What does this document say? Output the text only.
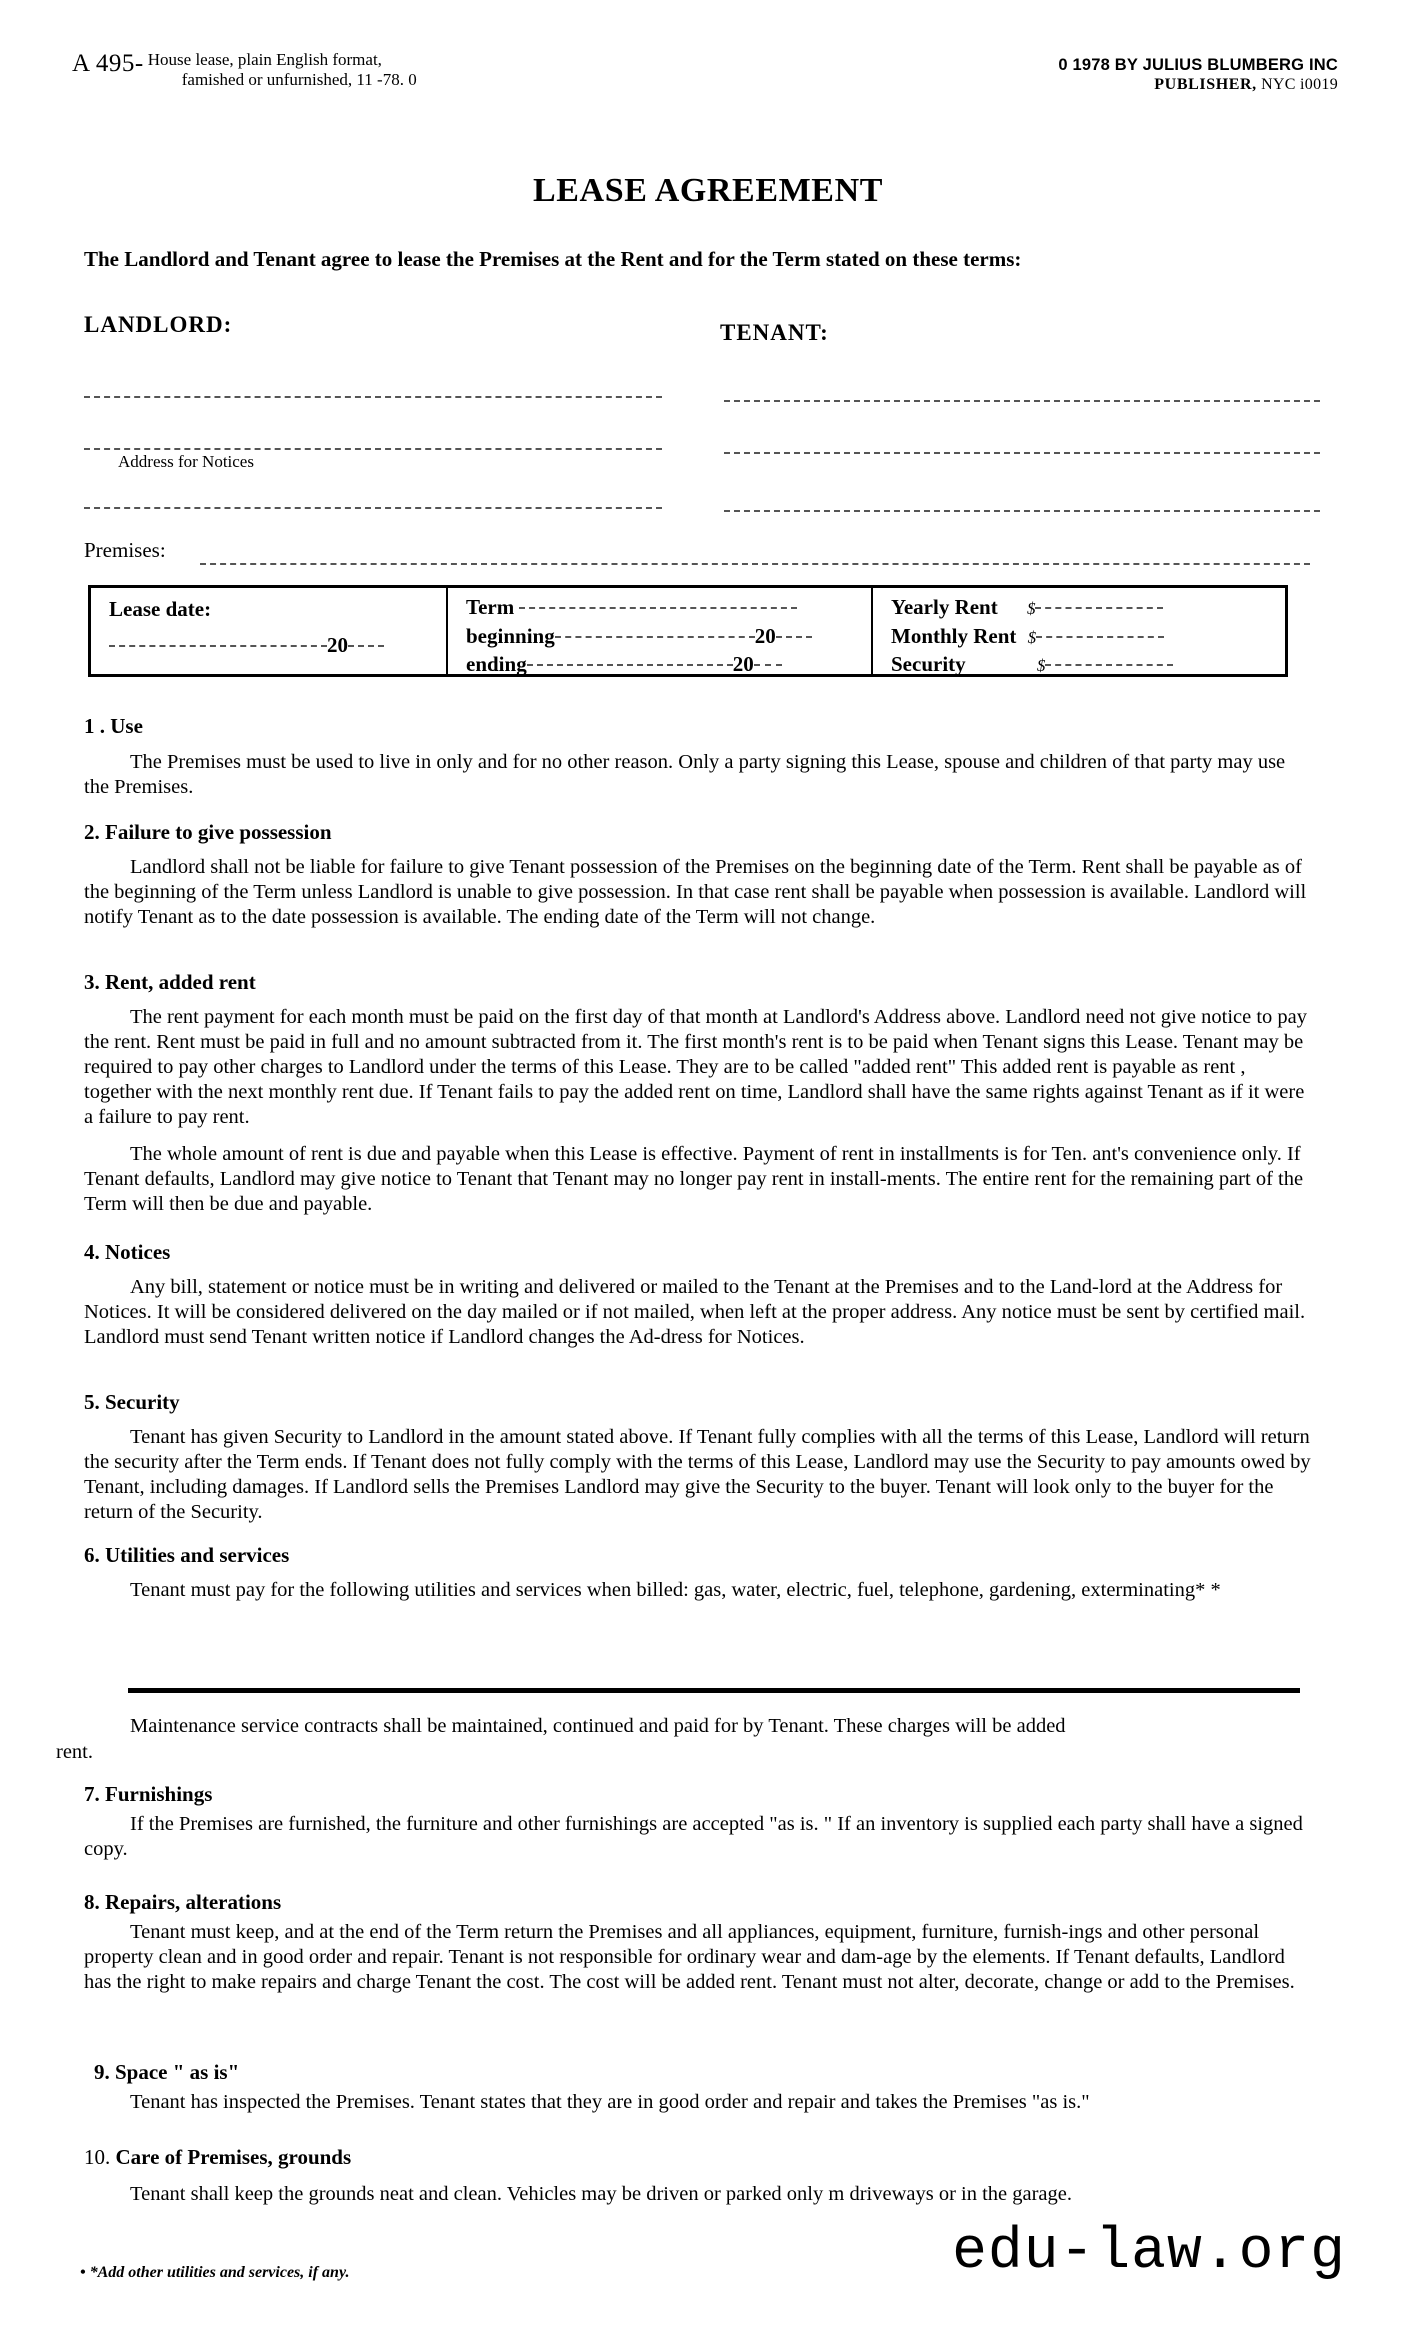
A 495- House lease, plain English format,
famished or unfurnished, 11 -78. 0
0 1978 BY JULIUS BLUMBERG INC
PUBLISHER, NYC i0019
LEASE AGREEMENT
The Landlord and Tenant agree to lease the Premises at the Rent and for the Term stated on these terms:
LANDLORD:	TENANT:
Address for Notices
Premises:
Lease date:
20
Term
beginning	20
ending	20
Yearly Rent $
Monthly Rent $
Security	$
1 . Use
The Premises must be used to live in only and for no other reason. Only a party signing this Lease, spouse and children of that party may use the Premises.
2. Failure to give possession
Landlord shall not be liable for failure to give Tenant possession of the Premises on the beginning date of the Term. Rent shall be payable as of the beginning of the Term unless Landlord is unable to give possession. In that case rent shall be payable when possession is available. Landlord will notify Tenant as to the date possession is available. The ending date of the Term will not change.
3. Rent, added rent
The rent payment for each month must be paid on the first day of that month at Landlord's Address above. Landlord need not give notice to pay the rent. Rent must be paid in full and no amount subtracted from it. The first month's rent is to be paid when Tenant signs this Lease. Tenant may be required to pay other charges to Landlord under the terms of this Lease. They are to be called "added rent" This added rent is payable as rent , together with the next monthly rent due. If Tenant fails to pay the added rent on time, Landlord shall have the same rights against Tenant as if it were a failure to pay rent.
The whole amount of rent is due and payable when this Lease is effective. Payment of rent in installments is for Ten. ant's convenience only. If Tenant defaults, Landlord may give notice to Tenant that Tenant may no longer pay rent in install-ments. The entire rent for the remaining part of the Term will then be due and payable.
4. Notices
Any bill, statement or notice must be in writing and delivered or mailed to the Tenant at the Premises and to the Land-lord at the Address for Notices. It will be considered delivered on the day mailed or if not mailed, when left at the proper address. Any notice must be sent by certified mail. Landlord must send Tenant written notice if Landlord changes the Ad-dress for Notices.
5. Security
Tenant has given Security to Landlord in the amount stated above. If Tenant fully complies with all the terms of this Lease, Landlord will return the security after the Term ends. If Tenant does not fully comply with the terms of this Lease, Landlord may use the Security to pay amounts owed by Tenant, including damages. If Landlord sells the Premises Landlord may give the Security to the buyer. Tenant will look only to the buyer for the return of the Security.
6. Utilities and services
Tenant must pay for the following utilities and services when billed: gas, water, electric, fuel, telephone, gardening, exterminating* *
Maintenance service contracts shall be maintained, continued and paid for by Tenant. These charges will be added
rent.
7. Furnishings
If the Premises are furnished, the furniture and other furnishings are accepted "as is. " If an inventory is supplied each party shall have a signed copy.
8. Repairs, alterations
Tenant must keep, and at the end of the Term return the Premises and all appliances, equipment, furniture, furnish-ings and other personal property clean and in good order and repair. Tenant is not responsible for ordinary wear and dam-age by the elements. If Tenant defaults, Landlord has the right to make repairs and charge Tenant the cost. The cost will be added rent. Tenant must not alter, decorate, change or add to the Premises.
9. Space " as is"
Tenant has inspected the Premises. Tenant states that they are in good order and repair and takes the Premises "as is."
10. Care of Premises, grounds
Tenant shall keep the grounds neat and clean. Vehicles may be driven or parked only m driveways or in the garage.
• *Add other utilities and services, if any.	edu-law.org
